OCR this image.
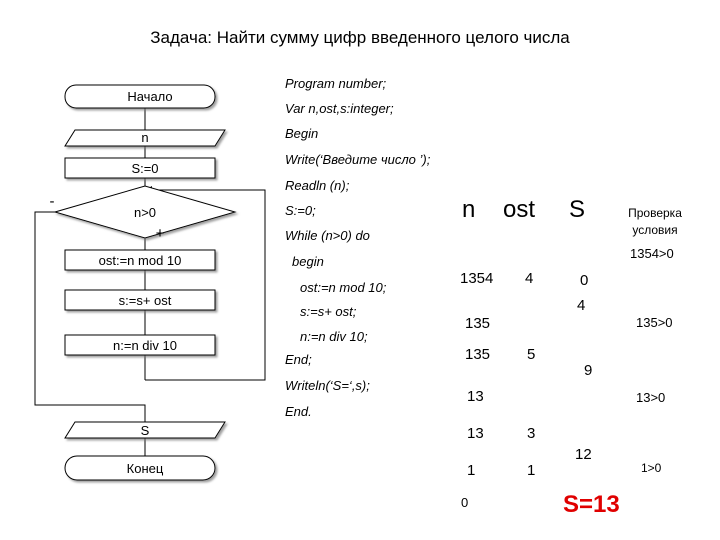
Задача: Найти сумму цифр введенного целого числа
Начало
n
S:=0
n>0
-
+
ost:=n mod 10
s:=s+ ost
n:=n div 10
S
Конец
Program number;
Var n,ost,s:integer;
Begin
Write(‘Введите число ’);
Readln (n);
S:=0;
While (n>0) do
begin
ost:=n mod 10;
s:=s+ ost;
n:=n div 10;
End;
Writeln(‘S=‘,s);
End.
n ost S	Проверка
условия
1354
135
135
13
13
1
0
4
5
3
1
0
4
9
12
1354>0
135>0
13>0
1>0
S=13
